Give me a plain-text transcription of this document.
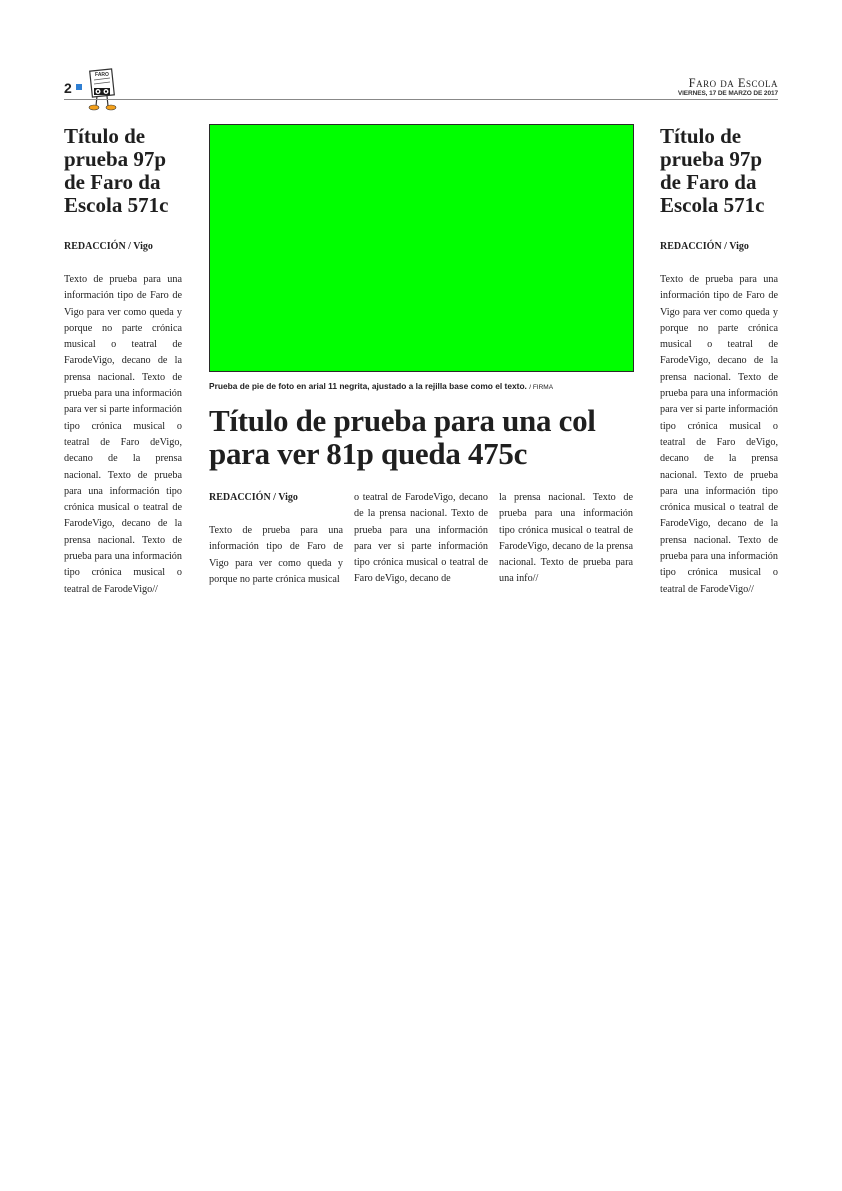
2
FARO
Faro da Escola
VIERNES, 17 DE MARZO DE 2017
Título de prueba 97p de Faro da Escola 571c
REDACCIÓN / Vigo
Texto de prueba para una información tipo de Faro de Vigo para ver como queda y porque no parte crónica musical o teatral de FarodeVigo, decano de la prensa nacional. Texto de prueba para una información para ver si parte información tipo crónica musical o teatral de Faro deVigo, decano de la prensa nacional. Texto de prueba para una información tipo crónica musical o teatral de FarodeVigo, decano de la prensa nacional. Texto de prueba para una información tipo crónica musical o teatral de FarodeVigo//
Prueba de pie de foto en arial 11 negrita, ajustado a la rejilla base como el texto. / FIRMA
Título de prueba para una col para ver 81p queda 475c
REDACCIÓN / Vigo
Texto de prueba para una información tipo de Faro de Vigo para ver como queda y porque no parte crónica musical
o teatral de FarodeVigo, decano de la prensa nacional. Texto de prueba para una información para ver si parte información tipo crónica musical o teatral de Faro deVigo, decano de
la prensa nacional. Texto de prueba para una información tipo crónica musical o teatral de FarodeVigo, decano de la prensa nacional. Texto de prueba para una info//
Título de prueba 97p de Faro da Escola 571c
REDACCIÓN / Vigo
Texto de prueba para una información tipo de Faro de Vigo para ver como queda y porque no parte crónica musical o teatral de FarodeVigo, decano de la prensa nacional. Texto de prueba para una información para ver si parte información tipo crónica musical o teatral de Faro deVigo, decano de la prensa nacional. Texto de prueba para una información tipo crónica musical o teatral de FarodeVigo, decano de la prensa nacional. Texto de prueba para una información tipo crónica musical o teatral de FarodeVigo//
